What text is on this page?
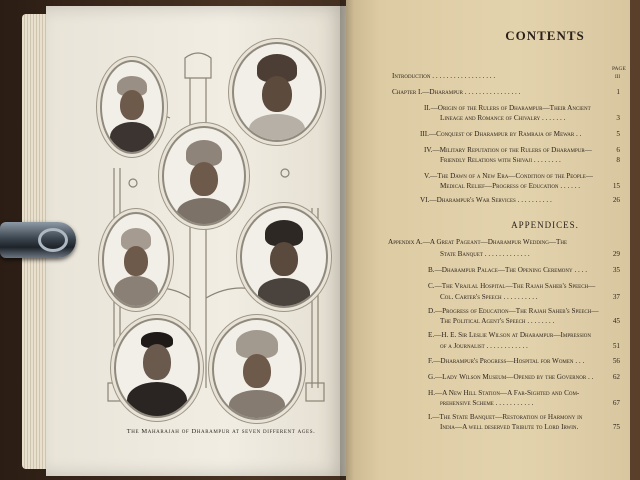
The Maharajah of Dharampur at seven different ages.
CONTENTS
PAGE
Introduction . . . . . . . . . . . . . . . . . .	iii
Chapter I.—Dharampur . . . . . . . . . . . . . . . .	1
II.—Origin of the Rulers of Dharampur—Their Ancient
Lineage and Romance of Chivalry . . . . . . .	3
III.—Conquest of Dharampur by Ramraja of Mewar . .	5
IV.—Military Reputation of the Rulers of Dharampur—	6
Friendly Relations with Shivaji . . . . . . . .	8
V.—The Dawn of a New Era—Condition of the People—
Medical Relief—Progress of Education . . . . . .	15
VI.—Dharampur's War Services . . . . . . . . . .	26
APPENDICES.
Appendix A.—A Great Pageant—Dharampur Wedding—The
State Banquet . . . . . . . . . . . . .	29
B.—Dharampur Palace—The Opening Ceremony . . . .	35
C.—The Vrajlal Hospital—The Rajah Saheb's Speech—
Col. Carter's Speech . . . . . . . . . .	37
D.—Progress of Education—The Rajah Saheb's Speech—
The Political Agent's Speech . . . . . . . .	45
E.—H. E. Sir Leslie Wilson at Dharampur—Impression
of a Journalist . . . . . . . . . . . .	51
F.—Dharampur's Progress—Hospital for Women . . .	56
G.—Lady Wilson Museum—Opened by the Governor . .	62
H.—A New Hill Station—A Far-Sighted and Com-
prehensive Scheme . . . . . . . . . . .	67
I.—The State Banquet—Restoration of Harmony in
India—A well deserved Tribute to Lord Irwin.	75
